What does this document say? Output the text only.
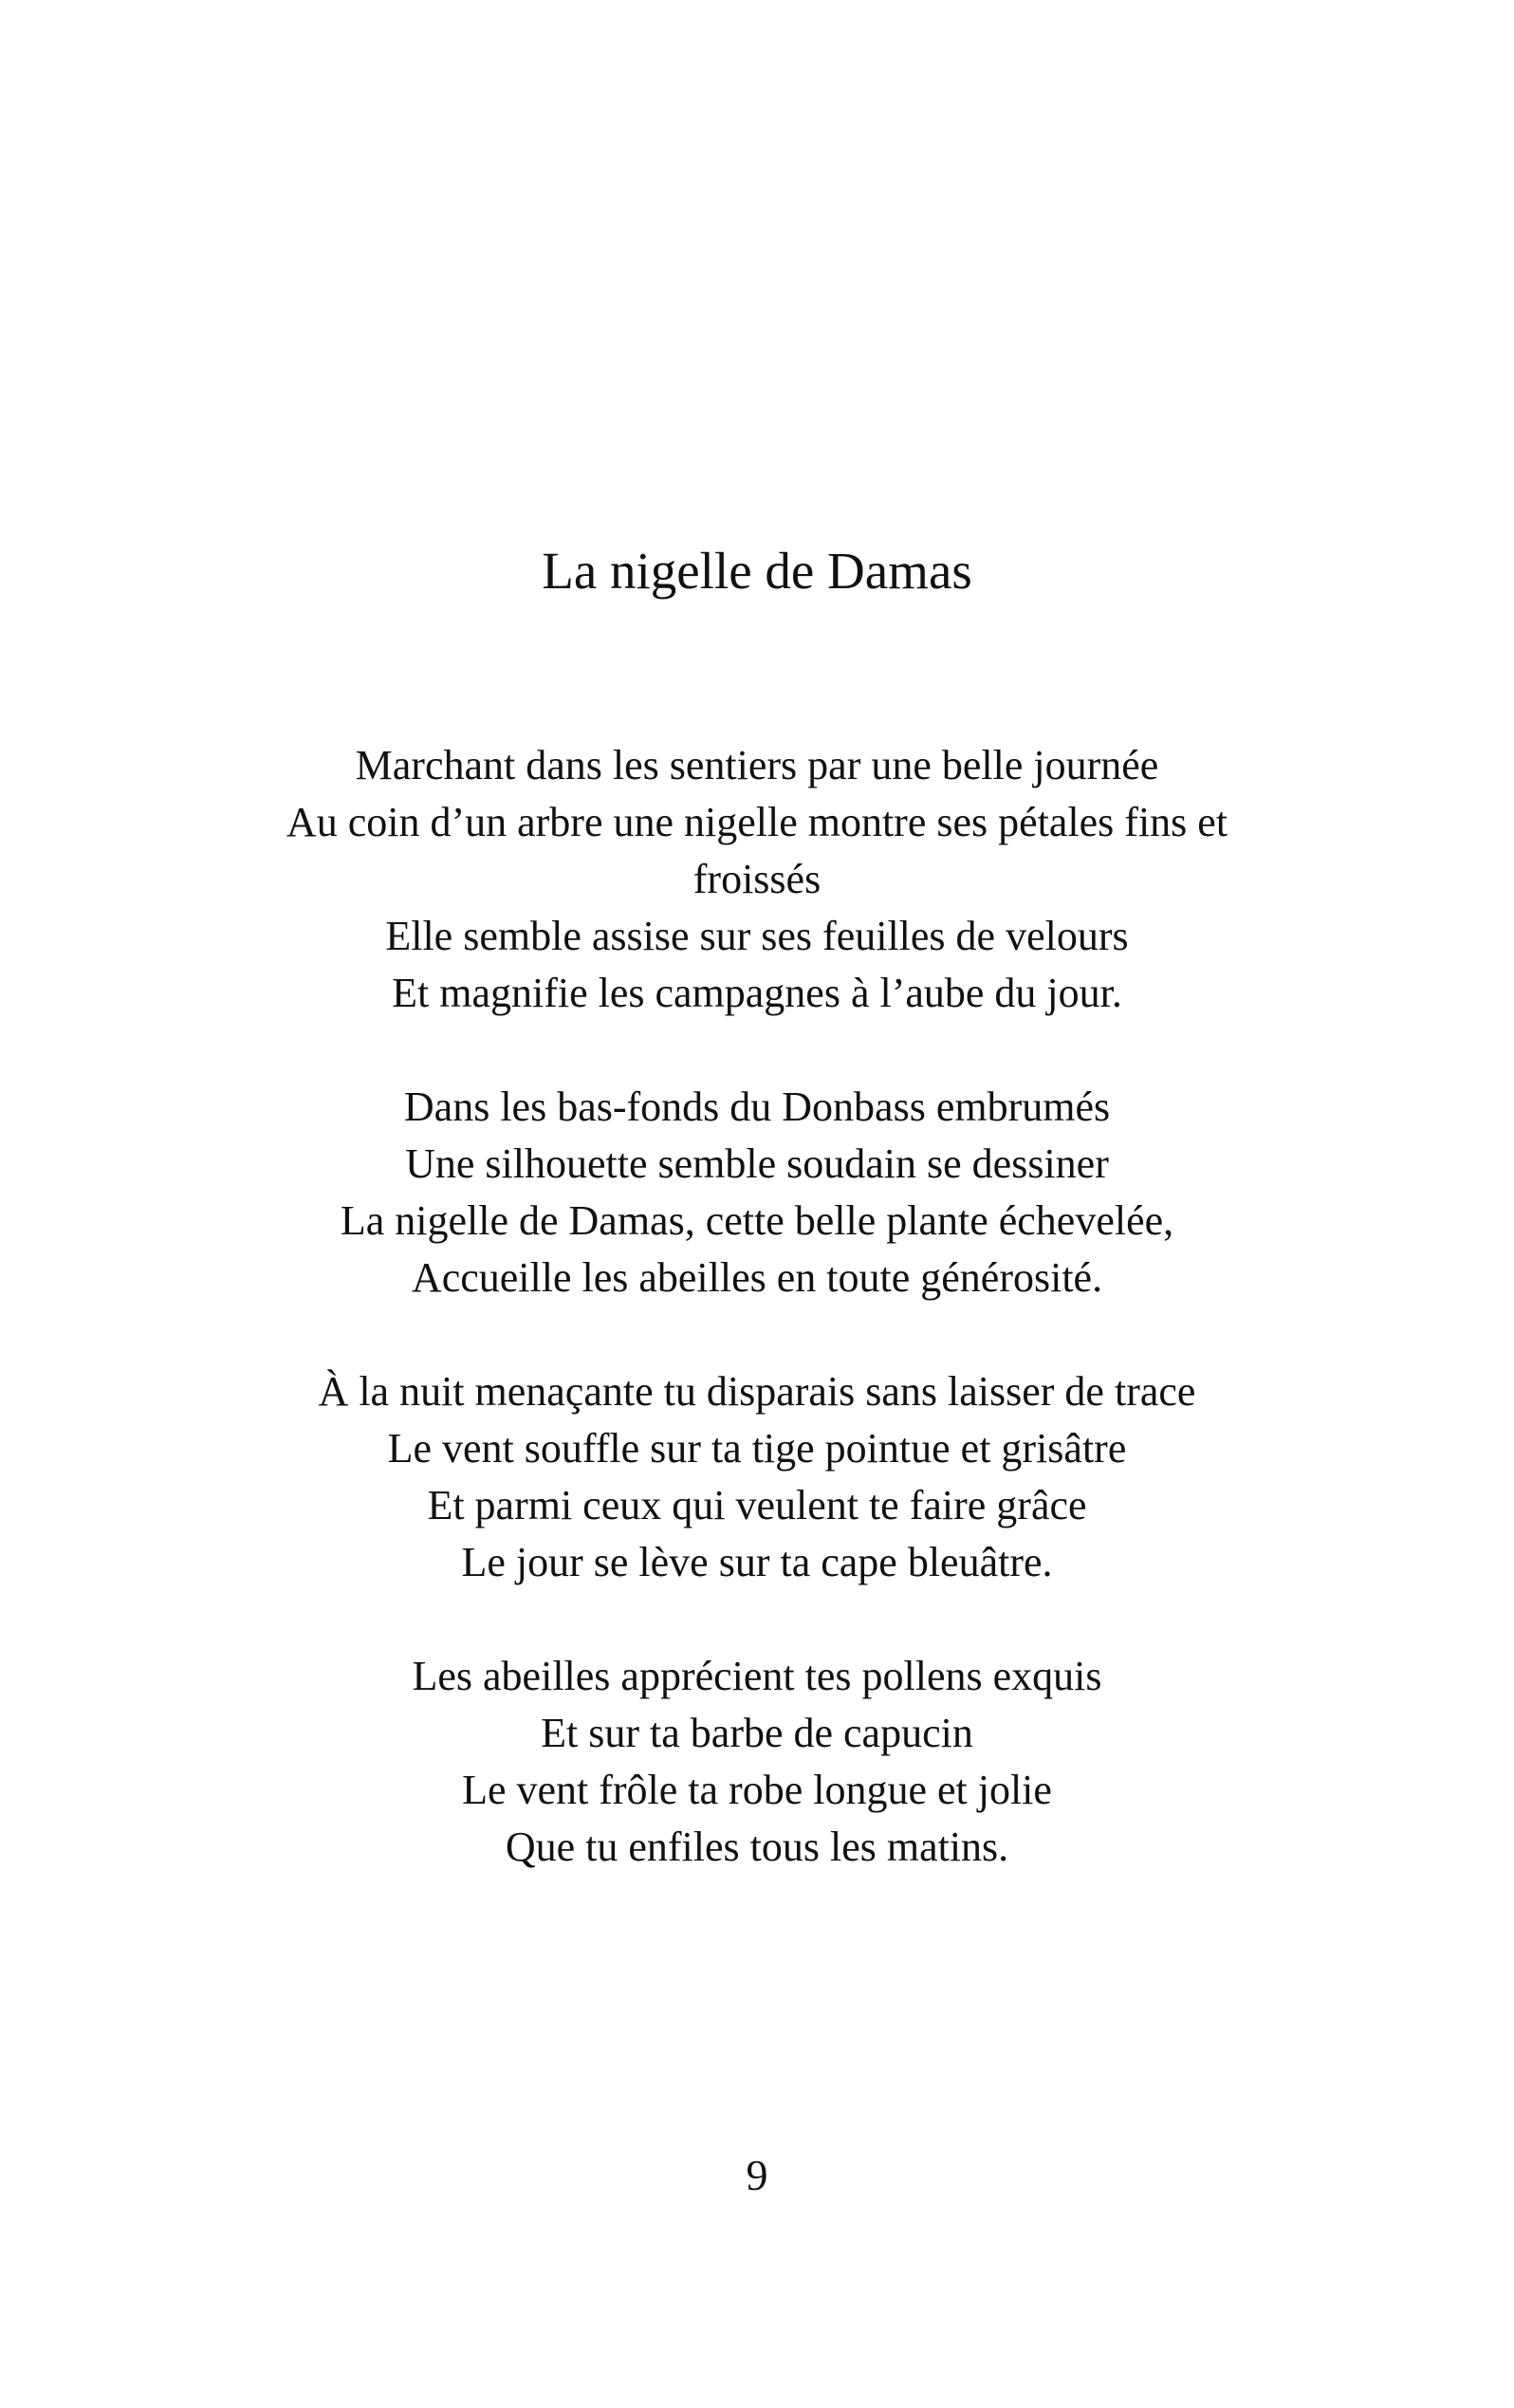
La nigelle de Damas

Marchant dans les sentiers par une belle journée
Au coin d’un arbre une nigelle montre ses pétales fins et
froissés
Elle semble assise sur ses feuilles de velours
Et magnifie les campagnes à l’aube du jour.

Dans les bas-fonds du Donbass embrumés
Une silhouette semble soudain se dessiner
La nigelle de Damas, cette belle plante échevelée,
Accueille les abeilles en toute générosité.

À la nuit menaçante tu disparais sans laisser de trace
Le vent souffle sur ta tige pointue et grisâtre
Et parmi ceux qui veulent te faire grâce
Le jour se lève sur ta cape bleuâtre.

Les abeilles apprécient tes pollens exquis
Et sur ta barbe de capucin
Le vent frôle ta robe longue et jolie
Que tu enfiles tous les matins.

9
